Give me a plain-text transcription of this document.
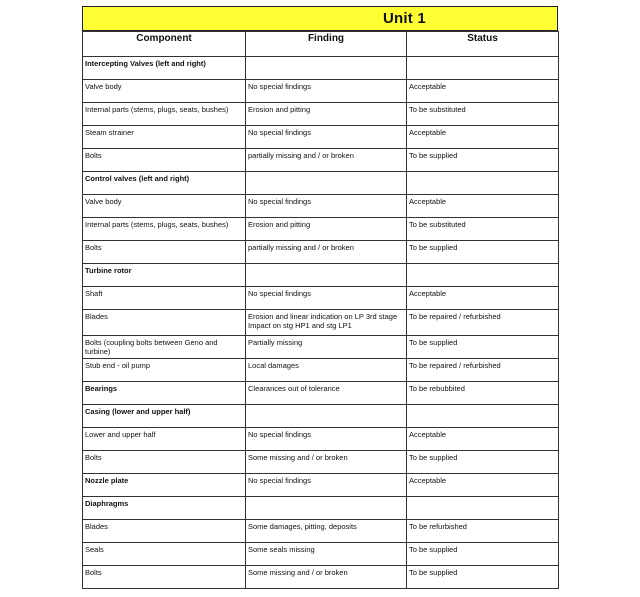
Unit 1
Component	Finding	Status

Intercepting Valves (left and right)		

Valve body	No special findings	Acceptable

Internal parts (stems, plugs, seats, bushes)	Erosion and pitting	To be substituted

Steam strainer	No special findings	Acceptable

Bolts	partially missing and / or broken	To be supplied

Control valves (left and right)		

Valve body	No special findings	Acceptable

Internal parts (stems, plugs, seats, bushes)	Erosion and pitting	To be substituted

Bolts	partially missing and / or broken	To be supplied

Turbine rotor		

Shaft	No special findings	Acceptable

Blades	Erosion and linear indication on LP 3rd stage Impact on stg HP1 and stg LP1	To be repaired / refurbished

Bolts (coupling bolts between Geno and turbine)	Partially missing	To be supplied

Stub end - oil pump	Local damages	To be repaired / refurbished

Bearings	Clearances out of tolerance	To be rebubbited

Casing (lower and upper half)		

Lower and upper half	No special findings	Acceptable

Bolts	Some missing and / or broken	To be supplied

Nozzle plate	No special findings	Acceptable

Diaphragms		

Blades	Some damages, pitting, deposits	To be refurbished

Seals	Some seals missing	To be supplied

Bolts	Some missing and / or broken	To be supplied
